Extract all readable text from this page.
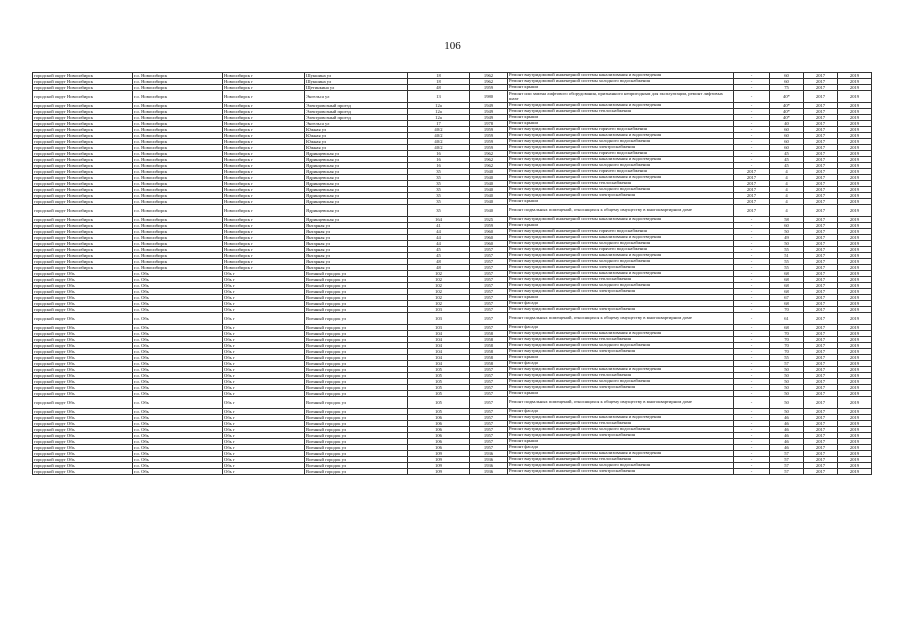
106
городской округ Новосибирск	г.о. Новосибирск	Новосибирск г	Шукшина ул	18	1962	Ремонт внутридомовой инженерной системы канализования и водоотведения	-	60	2017	2019
городской округ Новосибирск	г.о. Новосибирск	Новосибирск г	Шукшина ул	18	1962	Ремонт внутридомовой инженерной системы холодного водоснабжения	-	60	2017	2019
городской округ Новосибирск	г.о. Новосибирск	Новосибирск г	Щетинкина ул	48	1959	Ремонт крыши	-	75	2017	2019
городской округ Новосибирск	г.о. Новосибирск	Новосибирск г	Энгельса ул	13	1980	Ремонт или замена лифтового оборудования, признанного непригодным для эксплуатации, ремонт лифтовых шахт	-	40*	2017	2019
городской округ Новосибирск	г.о. Новосибирск	Новосибирск г	Электровозный проезд	12а	1949	Ремонт внутридомовой инженерной системы канализования и водоотведения	-	40*	2017	2019
городской округ Новосибирск	г.о. Новосибирск	Новосибирск г	Электровозный проезд	12а	1949	Ремонт внутридомовой инженерной системы теплоснабжения	-	40*	2017	2019
городской округ Новосибирск	г.о. Новосибирск	Новосибирск г	Электровозный проезд	12а	1949	Ремонт крыши	-	40*	2017	2019
городской округ Новосибирск	г.о. Новосибирск	Новосибирск г	Энгельса ул	17	1978	Ремонт крыши	-	40	2017	2019
городской округ Новосибирск	г.о. Новосибирск	Новосибирск г	Южная ул	40/2	1959	Ремонт внутридомовой инженерной системы горячего водоснабжения	-	60	2017	2019
городской округ Новосибирск	г.о. Новосибирск	Новосибирск г	Южная ул	40/2	1959	Ремонт внутридомовой инженерной системы канализования и водоотведения	-	60	2017	2019
городской округ Новосибирск	г.о. Новосибирск	Новосибирск г	Южная ул	40/2	1959	Ремонт внутридомовой инженерной системы холодного водоснабжения	-	60	2017	2019
городской округ Новосибирск	г.о. Новосибирск	Новосибирск г	Южная ул	40/2	1959	Ремонт внутридомовой инженерной системы электроснабжения	-	60	2017	2019
городской округ Новосибирск	г.о. Новосибирск	Новосибирск г	Ядринцевская ул	16	1962	Ремонт внутридомовой инженерной системы горячего водоснабжения	-	45	2017	2019
городской округ Новосибирск	г.о. Новосибирск	Новосибирск г	Ядринцевская ул	16	1962	Ремонт внутридомовой инженерной системы канализования и водоотведения	-	45	2017	2019
городской округ Новосибирск	г.о. Новосибирск	Новосибирск г	Ядринцевская ул	16	1962	Ремонт внутридомовой инженерной системы холодного водоснабжения	-	45	2017	2019
городской округ Новосибирск	г.о. Новосибирск	Новосибирск г	Ядринцевская ул	35	1940	Ремонт внутридомовой инженерной системы горячего водоснабжения	2017	4	2017	2019
городской округ Новосибирск	г.о. Новосибирск	Новосибирск г	Ядринцевская ул	35	1940	Ремонт внутридомовой инженерной системы канализования и водоотведения	2017	4	2017	2019
городской округ Новосибирск	г.о. Новосибирск	Новосибирск г	Ядринцевская ул	35	1940	Ремонт внутридомовой инженерной системы теплоснабжения	2017	4	2017	2019
городской округ Новосибирск	г.о. Новосибирск	Новосибирск г	Ядринцевская ул	35	1940	Ремонт внутридомовой инженерной системы холодного водоснабжения	2017	4	2017	2019
городской округ Новосибирск	г.о. Новосибирск	Новосибирск г	Ядринцевская ул	35	1940	Ремонт внутридомовой инженерной системы электроснабжения	2017	4	2017	2019
городской округ Новосибирск	г.о. Новосибирск	Новосибирск г	Ядринцевская ул	35	1940	Ремонт крыши	2017	4	2017	2019
городской округ Новосибирск	г.о. Новосибирск	Новосибирск г	Ядринцевская ул	35	1940	Ремонт подвальных помещений, относящихся к общему имуществу в многоквартирном доме	2017	4	2017	2019
городской округ Новосибирск	г.о. Новосибирск	Новосибирск г	Ядринцевская ул	164	1925	Ремонт внутридомовой инженерной системы канализования и водоотведения	-	58	2017	2019
городской округ Новосибирск	г.о. Новосибирск	Новосибирск г	Янтарная ул	41	1959	Ремонт крыши	-	60	2017	2019
городской округ Новосибирск	г.о. Новосибирск	Новосибирск г	Янтарная ул	44	1960	Ремонт внутридомовой инженерной системы горячего водоснабжения	-	50	2017	2019
городской округ Новосибирск	г.о. Новосибирск	Новосибирск г	Янтарная ул	44	1960	Ремонт внутридомовой инженерной системы канализования и водоотведения	-	49	2017	2019
городской округ Новосибирск	г.о. Новосибирск	Новосибирск г	Янтарная ул	44	1960	Ремонт внутридомовой инженерной системы холодного водоснабжения	-	50	2017	2019
городской округ Новосибирск	г.о. Новосибирск	Новосибирск г	Янтарная ул	45	1957	Ремонт внутридомовой инженерной системы горячего водоснабжения	-	55	2017	2019
городской округ Новосибирск	г.о. Новосибирск	Новосибирск г	Янтарная ул	45	1957	Ремонт внутридомовой инженерной системы канализования и водоотведения	-	51	2017	2019
городской округ Новосибирск	г.о. Новосибирск	Новосибирск г	Янтарная ул	48	1957	Ремонт внутридомовой инженерной системы холодного водоснабжения	-	55	2017	2019
городской округ Новосибирск	г.о. Новосибирск	Новосибирск г	Янтарная ул	48	1957	Ремонт внутридомовой инженерной системы электроснабжения	-	55	2017	2019
городской округ Обь	г.о. Обь	Обь г	Военный городок ул	102	1957	Ремонт внутридомовой инженерной системы канализования и водоотведения	-	68	2017	2019
городской округ Обь	г.о. Обь	Обь г	Военный городок ул	102	1957	Ремонт внутридомовой инженерной системы теплоснабжения	-	68	2017	2019
городской округ Обь	г.о. Обь	Обь г	Военный городок ул	102	1957	Ремонт внутридомовой инженерной системы холодного водоснабжения	-	68	2017	2019
городской округ Обь	г.о. Обь	Обь г	Военный городок ул	102	1957	Ремонт внутридомовой инженерной системы электроснабжения	-	68	2017	2019
городской округ Обь	г.о. Обь	Обь г	Военный городок ул	102	1957	Ремонт крыши	-	67	2017	2019
городской округ Обь	г.о. Обь	Обь г	Военный городок ул	102	1957	Ремонт фасада	-	68	2017	2019
городской округ Обь	г.о. Обь	Обь г	Военный городок ул	103	1957	Ремонт внутридомовой инженерной системы электроснабжения	-	70	2017	2019
городской округ Обь	г.о. Обь	Обь г	Военный городок ул	103	1957	Ремонт подвальных помещений, относящихся к общему имуществу в многоквартирном доме	-	61	2017	2019
городской округ Обь	г.о. Обь	Обь г	Военный городок ул	103	1957	Ремонт фасада	-	68	2017	2019
городской округ Обь	г.о. Обь	Обь г	Военный городок ул	104	1958	Ремонт внутридомовой инженерной системы канализования и водоотведения	-	70	2017	2019
городской округ Обь	г.о. Обь	Обь г	Военный городок ул	104	1958	Ремонт внутридомовой инженерной системы теплоснабжения	-	70	2017	2019
городской округ Обь	г.о. Обь	Обь г	Военный городок ул	104	1958	Ремонт внутридомовой инженерной системы холодного водоснабжения	-	70	2017	2019
городской округ Обь	г.о. Обь	Обь г	Военный городок ул	104	1958	Ремонт внутридомовой инженерной системы электроснабжения	-	70	2017	2019
городской округ Обь	г.о. Обь	Обь г	Военный городок ул	104	1958	Ремонт крыши	-	55	2017	2019
городской округ Обь	г.о. Обь	Обь г	Военный городок ул	104	1958	Ремонт фасада	-	57	2017	2019
городской округ Обь	г.о. Обь	Обь г	Военный городок ул	105	1957	Ремонт внутридомовой инженерной системы канализования и водоотведения	-	50	2017	2019
городской округ Обь	г.о. Обь	Обь г	Военный городок ул	105	1957	Ремонт внутридомовой инженерной системы теплоснабжения	-	50	2017	2019
городской округ Обь	г.о. Обь	Обь г	Военный городок ул	105	1957	Ремонт внутридомовой инженерной системы холодного водоснабжения	-	50	2017	2019
городской округ Обь	г.о. Обь	Обь г	Военный городок ул	105	1957	Ремонт внутридомовой инженерной системы электроснабжения	-	50	2017	2019
городской округ Обь	г.о. Обь	Обь г	Военный городок ул	105	1957	Ремонт крыши	-	50	2017	2019
городской округ Обь	г.о. Обь	Обь г	Военный городок ул	105	1957	Ремонт подвальных помещений, относящихся к общему имуществу в многоквартирном доме	-	50	2017	2019
городской округ Обь	г.о. Обь	Обь г	Военный городок ул	105	1957	Ремонт фасада	-	50	2017	2019
городской округ Обь	г.о. Обь	Обь г	Военный городок ул	106	1957	Ремонт внутридомовой инженерной системы канализования и водоотведения	-	46	2017	2019
городской округ Обь	г.о. Обь	Обь г	Военный городок ул	106	1957	Ремонт внутридомовой инженерной системы теплоснабжения	-	46	2017	2019
городской округ Обь	г.о. Обь	Обь г	Военный городок ул	106	1957	Ремонт внутридомовой инженерной системы холодного водоснабжения	-	46	2017	2019
городской округ Обь	г.о. Обь	Обь г	Военный городок ул	106	1957	Ремонт внутридомовой инженерной системы электроснабжения	-	46	2017	2019
городской округ Обь	г.о. Обь	Обь г	Военный городок ул	106	1957	Ремонт крыши	-	46	2017	2019
городской округ Обь	г.о. Обь	Обь г	Военный городок ул	106	1957	Ремонт фасада	-	46	2017	2019
городской округ Обь	г.о. Обь	Обь г	Военный городок ул	109	1936	Ремонт внутридомовой инженерной системы канализования и водоотведения	-	57	2017	2019
городской округ Обь	г.о. Обь	Обь г	Военный городок ул	109	1936	Ремонт внутридомовой инженерной системы теплоснабжения	-	57	2017	2019
городской округ Обь	г.о. Обь	Обь г	Военный городок ул	109	1936	Ремонт внутридомовой инженерной системы холодного водоснабжения	-	57	2017	2019
городской округ Обь	г.о. Обь	Обь г	Военный городок ул	109	1936	Ремонт внутридомовой инженерной системы электроснабжения	-	57	2017	2019
